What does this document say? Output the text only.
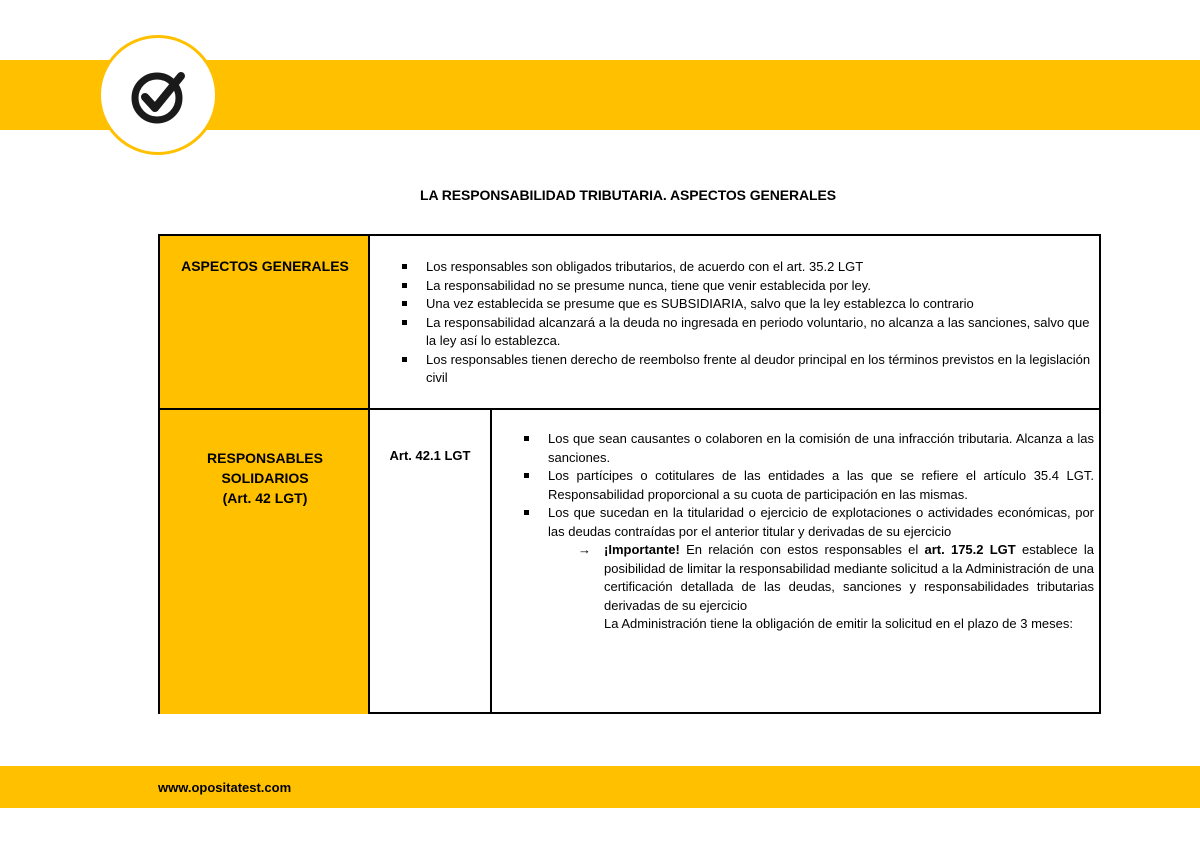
LA RESPONSABILIDAD TRIBUTARIA. ASPECTOS GENERALES
ASPECTOS GENERALES	Los responsables son obligados tributarios, de acuerdo con el art. 35.2 LGT
La responsabilidad no se presume nunca, tiene que venir establecida por ley.
Una vez establecida se presume que es SUBSIDIARIA, salvo que la ley establezca lo contrario
La responsabilidad alcanzará a la deuda no ingresada en periodo voluntario, no alcanza a las sanciones, salvo que la ley así lo establezca.
Los responsables tienen derecho de reembolso frente al deudor principal en los términos previstos en la legislación civil
RESPONSABLES
SOLIDARIOS
(Art. 42 LGT)
Art. 42.1 LGT
Los que sean causantes o colaboren en la comisión de una infracción tributaria. Alcanza a las sanciones.
Los partícipes o cotitulares de las entidades a las que se refiere el artículo 35.4 LGT. Responsabilidad proporcional a su cuota de participación en las mismas.
Los que sucedan en la titularidad o ejercicio de explotaciones o actividades económicas, por las deudas contraídas por el anterior titular y derivadas de su ejercicio
→ ¡Importante! En relación con estos responsables el art. 175.2 LGT establece la posibilidad de limitar la responsabilidad mediante solicitud a la Administración de una certificación detallada de las deudas, sanciones y responsabilidades tributarias derivadas de su ejercicio
La Administración tiene la obligación de emitir la solicitud en el plazo de 3 meses:
www.opositatest.com
